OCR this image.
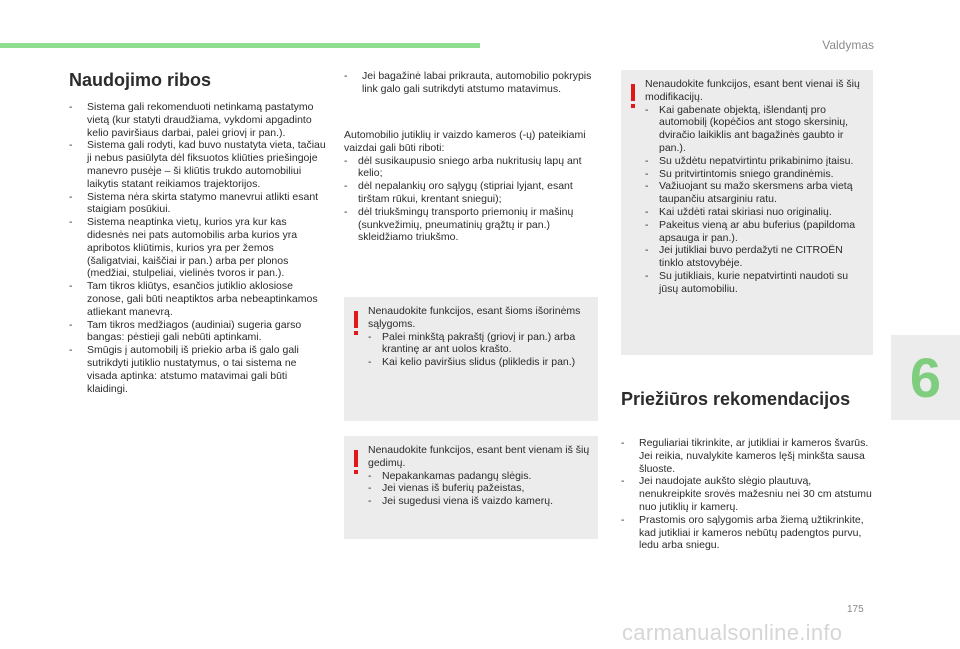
Valdymas
6
Naudojimo ribos
- Sistema gali rekomenduoti netinkamą pastatymo vietą (kur statyti draudžiama, vykdomi apgadinto kelio paviršiaus darbai, palei griovį ir pan.).
- Sistema gali rodyti, kad buvo nustatyta vieta, tačiau ji nebus pasiūlyta dėl fiksuotos kliūties priešingoje manevro pusėje – ši kliūtis trukdo automobiliui laikytis statant reikiamos trajektorijos.
- Sistema nėra skirta statymo manevrui atlikti esant staigiam posūkiui.
- Sistema neaptinka vietų, kurios yra kur kas didesnės nei pats automobilis arba kurios yra apribotos kliūtimis, kurios yra per žemos (šaligatviai, kaiščiai ir pan.) arba per plonos (medžiai, stulpeliai, vielinės tvoros ir pan.).
- Tam tikros kliūtys, esančios jutiklio aklosiose zonose, gali būti neaptiktos arba nebeaptinkamos atliekant manevrą.
- Tam tikros medžiagos (audiniai) sugeria garso bangas: pėstieji gali nebūti aptinkami.
- Smūgis į automobilį iš priekio arba iš galo gali sutrikdyti jutiklio nustatymus, o tai sistema ne visada aptinka: atstumo matavimai gali būti klaidingi.
- Jei bagažinė labai prikrauta, automobilio pokrypis link galo gali sutrikdyti atstumo matavimus.

Automobilio jutiklių ir vaizdo kameros (-ų) pateikiami vaizdai gali būti riboti:

- dėl susikaupusio sniego arba nukritusių lapų ant kelio;
- dėl nepalankių oro sąlygų (stipriai lyjant, esant tirštam rūkui, krentant sniegui);
- dėl triukšmingų transporto priemonių ir mašinų (sunkvežimių, pneumatinių grąžtų ir pan.) skleidžiamo triukšmo.

Nenaudokite funkcijos, esant šioms išorinėms sąlygoms.

- Palei minkštą pakraštį (griovį ir pan.) arba krantinę ar ant uolos krašto.
- Kai kelio paviršius slidus (plikledis ir pan.)

Nenaudokite funkcijos, esant bent vienam iš šių gedimų.

- Nepakankamas padangų slėgis.
- Jei vienas iš buferių pažeistas,
- Jei sugedusi viena iš vaizdo kamerų.

Nenaudokite funkcijos, esant bent vienai iš šių modifikacijų.

- Kai gabenate objektą, išlendantį pro automobilį (kopėčios ant stogo skersinių, dviračio laikiklis ant bagažinės gaubto ir pan.).
- Su uždėtu nepatvirtintu prikabinimo įtaisu.
- Su pritvirtintomis sniego grandinėmis.
- Važiuojant su mažo skersmens arba vietą taupančiu atsarginiu ratu.
- Kai uždėti ratai skiriasi nuo originalių.
- Pakeitus vieną ar abu buferius (papildoma apsauga ir pan.).
- Jei jutikliai buvo perdažyti ne CITROËN tinklo atstovybėje.
- Su jutikliais, kurie nepatvirtinti naudoti su jūsų automobiliu.
Priežiūros rekomendacijos
- Reguliariai tikrinkite, ar jutikliai ir kameros švarūs.
Jei reikia, nuvalykite kameros lęšį minkšta sausa šluoste.
- Jei naudojate aukšto slėgio plautuvą, nenukreipkite srovės mažesniu nei 30 cm atstumu nuo jutiklių ir kamerų.
- Prastomis oro sąlygomis arba žiemą užtikrinkite, kad jutikliai ir kameros nebūtų padengtos purvu, ledu arba sniegu.
175
carmanualsonline.info
